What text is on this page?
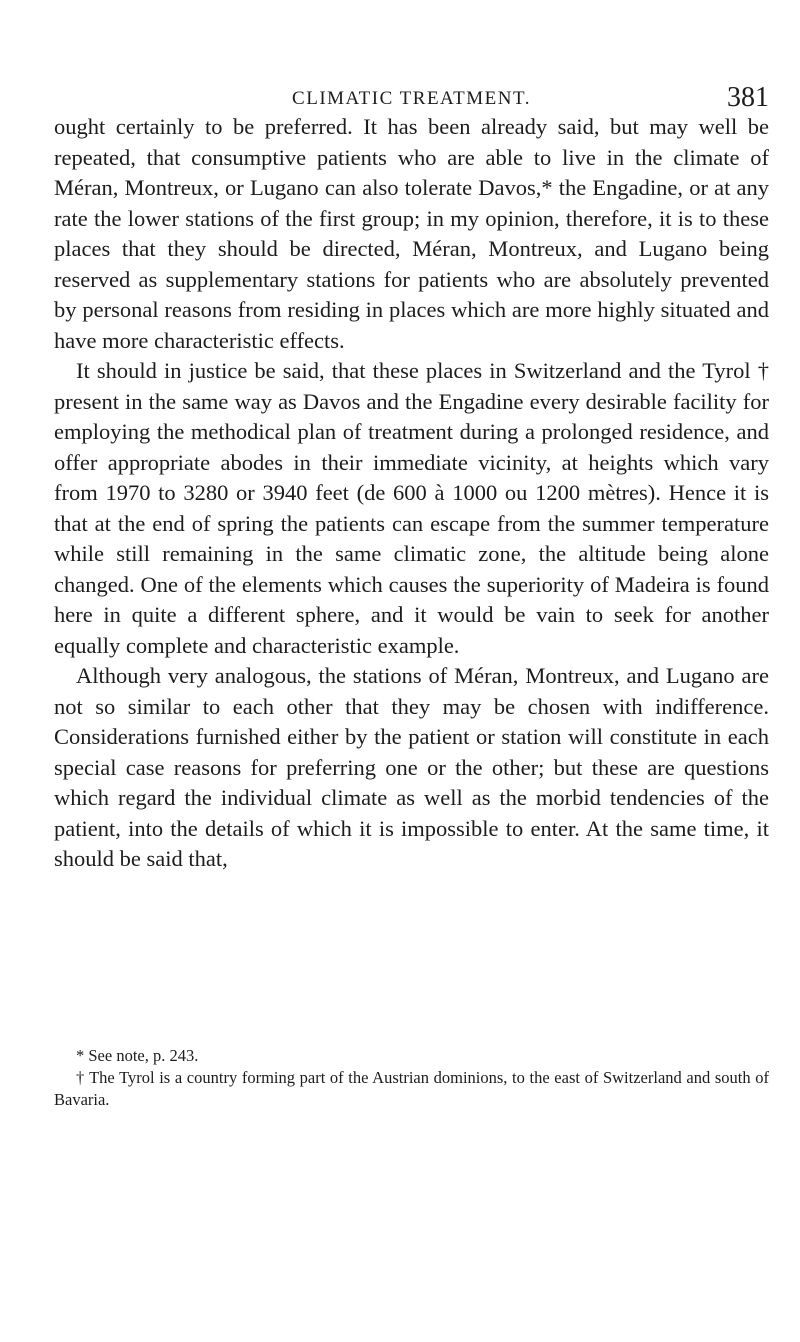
CLIMATIC TREATMENT.	381

ought certainly to be preferred. It has been already said, but may well be repeated, that consumptive patients who are able to live in the climate of Méran, Montreux, or Lugano can also tolerate Davos,* the Engadine, or at any rate the lower stations of the first group; in my opinion, therefore, it is to these places that they should be directed, Méran, Montreux, and Lugano being reserved as supplementary stations for patients who are absolutely prevented by personal reasons from residing in places which are more highly situated and have more characteristic effects.

It should in justice be said, that these places in Switzerland and the Tyrol † present in the same way as Davos and the Engadine every desirable facility for employing the methodical plan of treatment during a prolonged residence, and offer appropriate abodes in their immediate vicinity, at heights which vary from 1970 to 3280 or 3940 feet (de 600 à 1000 ou 1200 mètres). Hence it is that at the end of spring the patients can escape from the summer temperature while still remaining in the same climatic zone, the altitude being alone changed. One of the elements which causes the superiority of Madeira is found here in quite a different sphere, and it would be vain to seek for another equally complete and characteristic example.

Although very analogous, the stations of Méran, Montreux, and Lugano are not so similar to each other that they may be chosen with indifference. Considerations furnished either by the patient or station will constitute in each special case reasons for preferring one or the other; but these are questions which regard the individual climate as well as the morbid tendencies of the patient, into the details of which it is impossible to enter. At the same time, it should be said that,

* See note, p. 243.

† The Tyrol is a country forming part of the Austrian dominions, to the east of Switzerland and south of Bavaria.
